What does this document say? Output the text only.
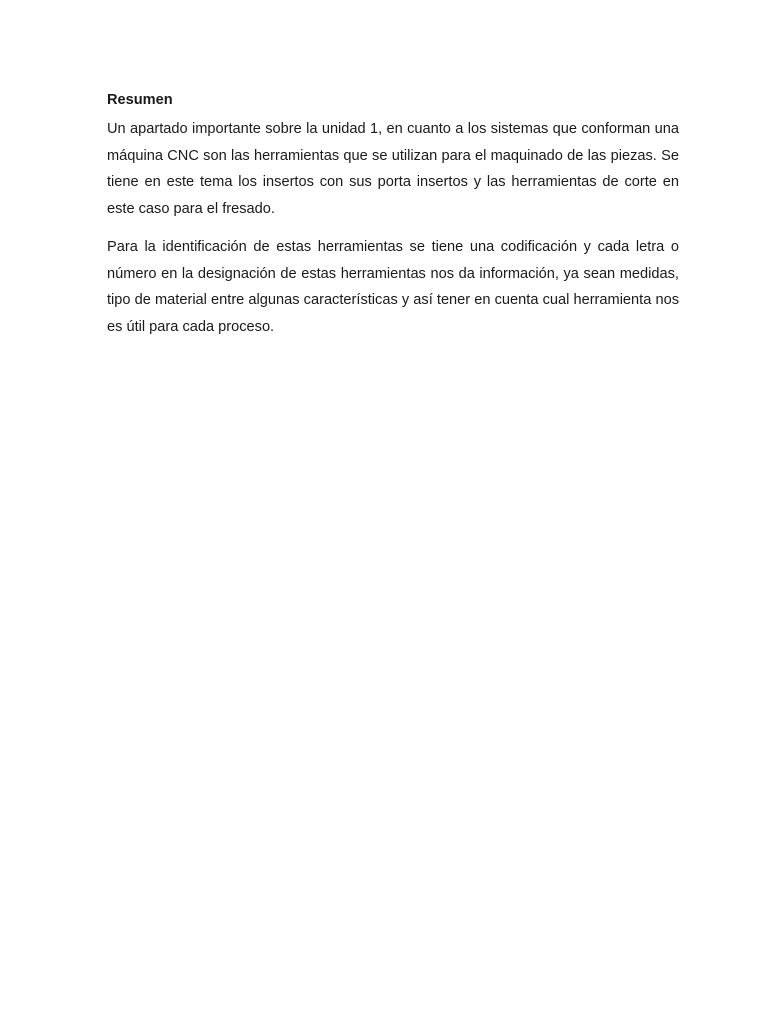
Resumen

Un apartado importante sobre la unidad 1, en cuanto a los sistemas que conforman una máquina CNC son las herramientas que se utilizan para el maquinado de las piezas. Se tiene en este tema los insertos con sus porta insertos y las herramientas de corte en este caso para el fresado.

Para la identificación de estas herramientas se tiene una codificación y cada letra o número en la designación de estas herramientas nos da información, ya sean medidas, tipo de material entre algunas características y así tener en cuenta cual herramienta nos es útil para cada proceso.
